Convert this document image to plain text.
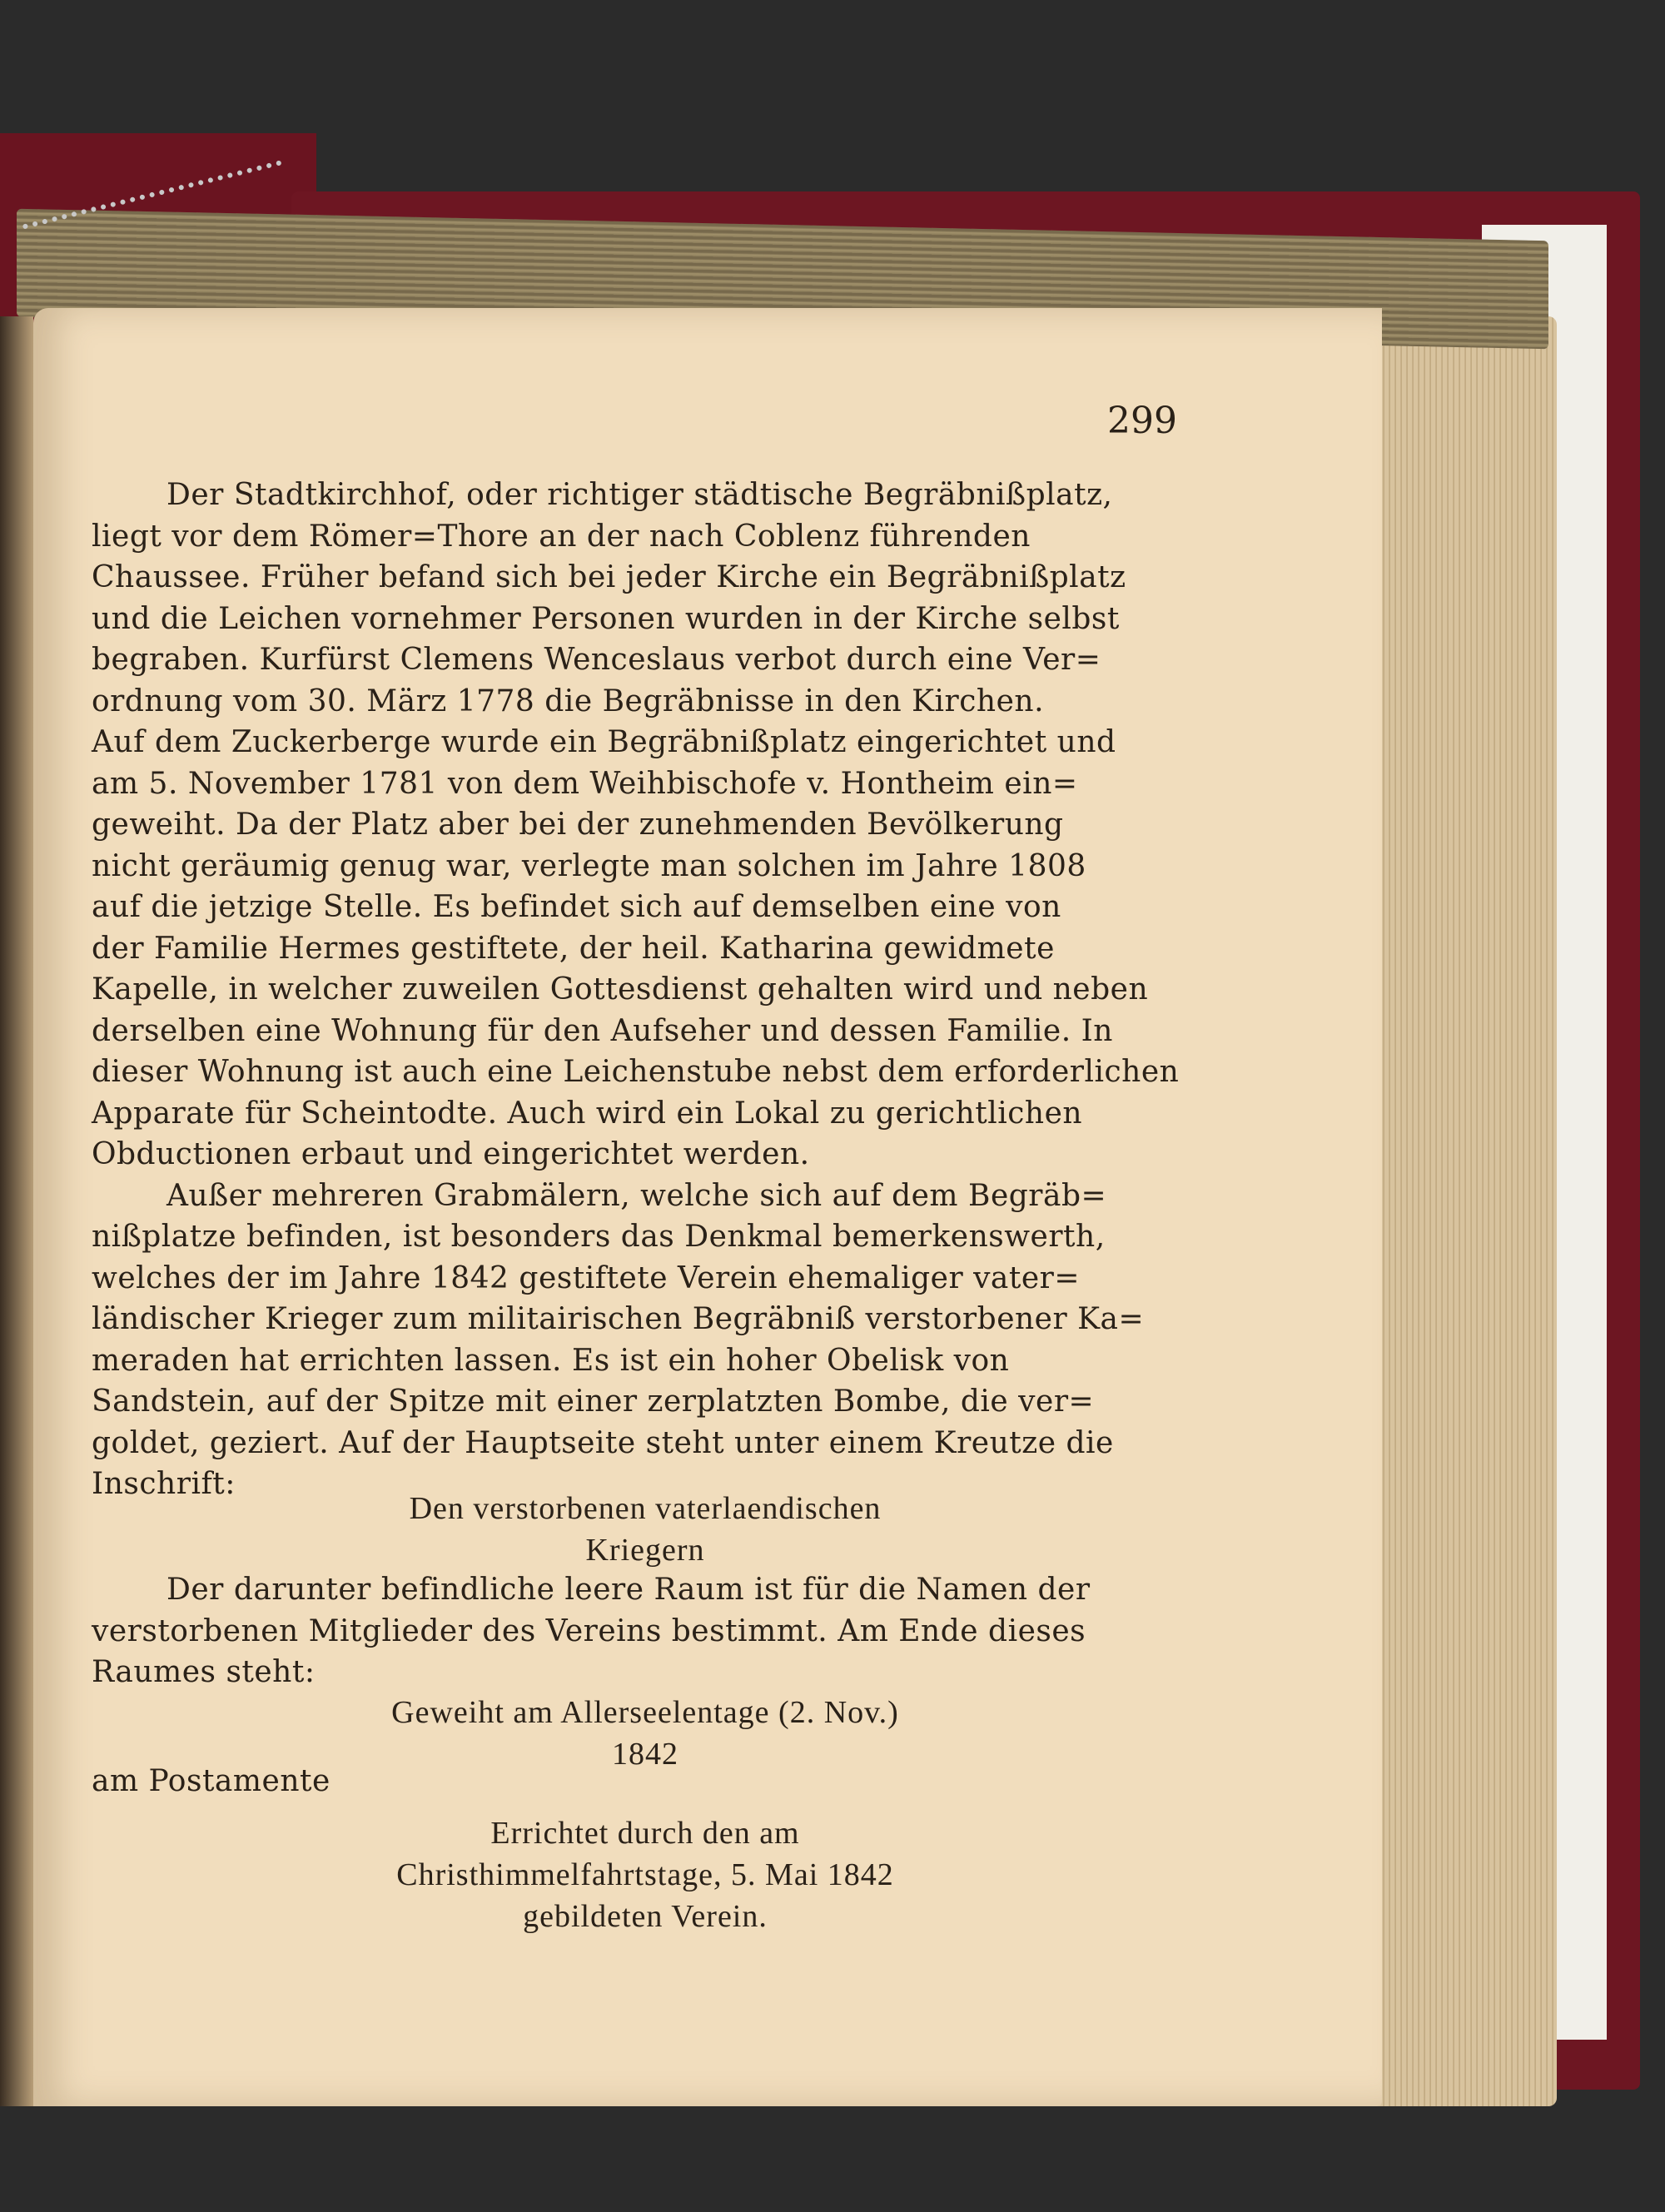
299
Der Stadtkirchhof, oder richtiger städtische Begräbnißplatz,
liegt vor dem Römer=Thore an der nach Coblenz führenden
Chaussee. Früher befand sich bei jeder Kirche ein Begräbnißplatz
und die Leichen vornehmer Personen wurden in der Kirche selbst
begraben. Kurfürst Clemens Wenceslaus verbot durch eine Ver=
ordnung vom 30. März 1778 die Begräbnisse in den Kirchen.
Auf dem Zuckerberge wurde ein Begräbnißplatz eingerichtet und
am 5. November 1781 von dem Weihbischofe v. Hontheim ein=
geweiht. Da der Platz aber bei der zunehmenden Bevölkerung
nicht geräumig genug war, verlegte man solchen im Jahre 1808
auf die jetzige Stelle. Es befindet sich auf demselben eine von
der Familie Hermes gestiftete, der heil. Katharina gewidmete
Kapelle, in welcher zuweilen Gottesdienst gehalten wird und neben
derselben eine Wohnung für den Aufseher und dessen Familie. In
dieser Wohnung ist auch eine Leichenstube nebst dem erforderlichen
Apparate für Scheintodte. Auch wird ein Lokal zu gerichtlichen
Obductionen erbaut und eingerichtet werden.
Außer mehreren Grabmälern, welche sich auf dem Begräb=
nißplatze befinden, ist besonders das Denkmal bemerkenswerth,
welches der im Jahre 1842 gestiftete Verein ehemaliger vater=
ländischer Krieger zum militairischen Begräbniß verstorbener Ka=
meraden hat errichten lassen. Es ist ein hoher Obelisk von
Sandstein, auf der Spitze mit einer zerplatzten Bombe, die ver=
goldet, geziert. Auf der Hauptseite steht unter einem Kreutze die
Inschrift:
Den verstorbenen vaterlaendischen
Kriegern
Der darunter befindliche leere Raum ist für die Namen der
verstorbenen Mitglieder des Vereins bestimmt. Am Ende dieses
Raumes steht:
Geweiht am Allerseelentage (2. Nov.)
1842
am Postamente
Errichtet durch den am
Christhimmelfahrtstage, 5. Mai 1842
gebildeten Verein.
